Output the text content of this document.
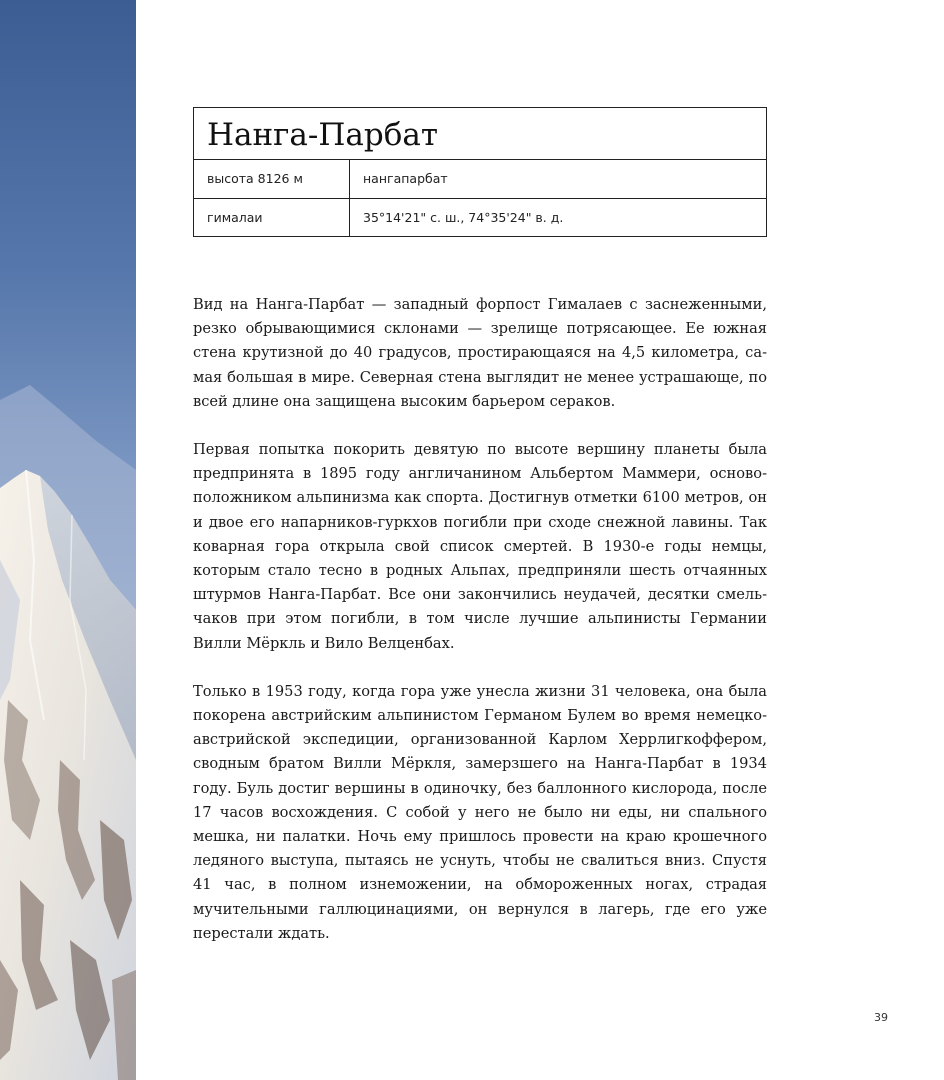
Нанга-Парбат
высота 8126 м	нангапарбат
гималаи	35°14'21" с. ш., 74°35'24" в. д.

Вид на Нанга-Парбат — западный форпост Гималаев с заснеженными, резко обрывающимися склонами — зрелище потрясающее. Ее южная стена крутизной до 40 градусов, простирающаяся на 4,5 километра, самая большая в мире. Северная стена выглядит не менее устрашающе, по всей длине она защищена высоким барьером сераков.

Первая попытка покорить девятую по высоте вершину планеты была предпринята в 1895 году англичанином Альбертом Маммери, основоположником альпинизма как спорта. Достигнув отметки 6100 метров, он и двое его напарников-гуркхов погибли при сходе снежной лавины. Так коварная гора открыла свой список смертей. В 1930-е годы немцы, которым стало тесно в родных Альпах, предприняли шесть отчаянных штурмов Нанга-Парбат. Все они закончились неудачей, десятки смельчаков при этом погибли, в том числе лучшие альпинисты Германии Вилли Мёркль и Вило Велценбах.

Только в 1953 году, когда гора уже унесла жизни 31 человека, она была покорена австрийским альпинистом Германом Булем во время немецко-австрийской экспедиции, организованной Карлом Херрлигкоффером, сводным братом Вилли Мёркля, замерзшего на Нанга-Парбат в 1934 году. Буль достиг вершины в одиночку, без баллонного кислорода, после 17 часов восхождения. С собой у него не было ни еды, ни спального мешка, ни палатки. Ночь ему пришлось провести на краю крошечного ледяного выступа, пытаясь не уснуть, чтобы не свалиться вниз. Спустя 41 час, в полном изнеможении, на обмороженных ногах, страдая мучительными галлюцинациями, он вернулся в лагерь, где его уже перестали ждать.

39
